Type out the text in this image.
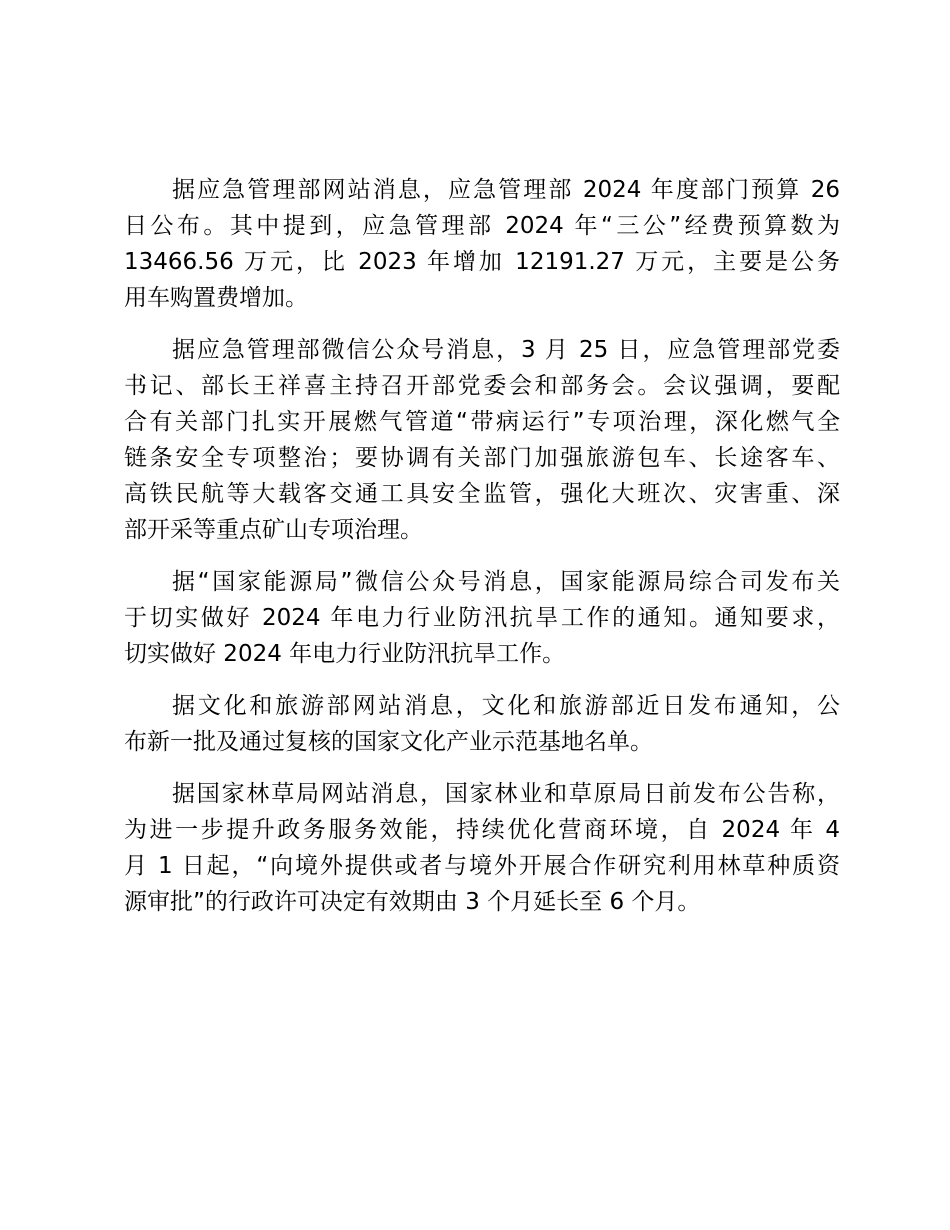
据应急管理部网站消息，应急管理部 2024 年度部门预算 26
日公布。其中提到，应急管理部 2024 年“三公”经费预算数为
13466.56 万元，比 2023 年增加 12191.27 万元，主要是公务
用车购置费增加。
据应急管理部微信公众号消息，3 月 25 日，应急管理部党委
书记、部长王祥喜主持召开部党委会和部务会。会议强调，要配
合有关部门扎实开展燃气管道“带病运行”专项治理，深化燃气全
链条安全专项整治；要协调有关部门加强旅游包车、长途客车、
高铁民航等大载客交通工具安全监管，强化大班次、灾害重、深
部开采等重点矿山专项治理。
据“国家能源局”微信公众号消息，国家能源局综合司发布关
于切实做好 2024 年电力行业防汛抗旱工作的通知。通知要求，
切实做好 2024 年电力行业防汛抗旱工作。
据文化和旅游部网站消息，文化和旅游部近日发布通知，公
布新一批及通过复核的国家文化产业示范基地名单。
据国家林草局网站消息，国家林业和草原局日前发布公告称，
为进一步提升政务服务效能，持续优化营商环境，自 2024 年 4
月 1 日起，“向境外提供或者与境外开展合作研究利用林草种质资
源审批”的行政许可决定有效期由 3 个月延长至 6 个月。
